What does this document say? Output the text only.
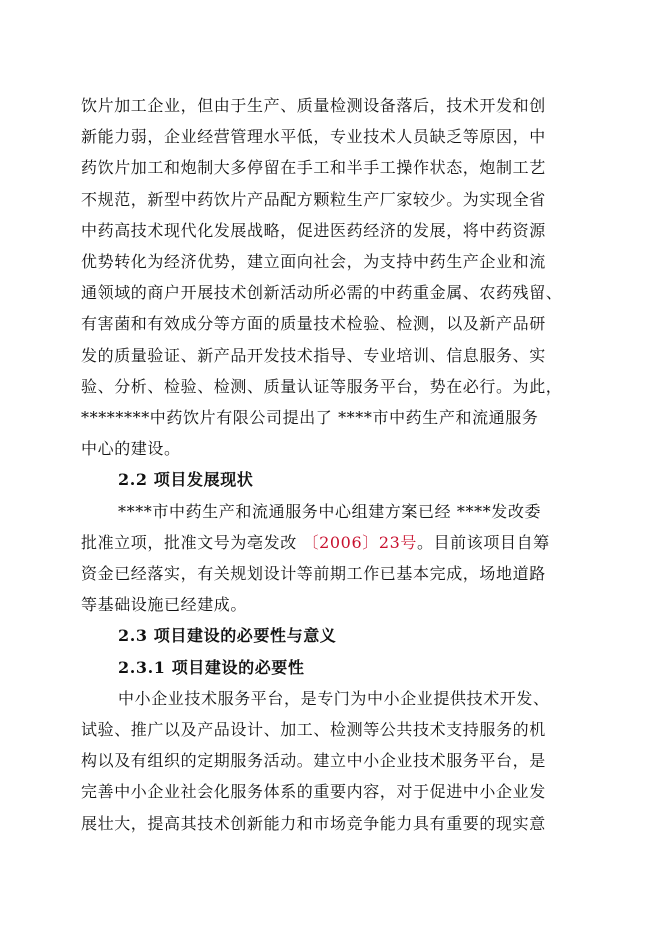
饮片加工企业，但由于生产、质量检测设备落后，技术开发和创
新能力弱，企业经营管理水平低，专业技术人员缺乏等原因，中
药饮片加工和炮制大多停留在手工和半手工操作状态，炮制工艺
不规范，新型中药饮片产品配方颗粒生产厂家较少。为实现全省
中药高技术现代化发展战略，促进医药经济的发展，将中药资源
优势转化为经济优势，建立面向社会，为支持中药生产企业和流
通领域的商户开展技术创新活动所必需的中药重金属、农药残留、
有害菌和有效成分等方面的质量技术检验、检测，以及新产品研
发的质量验证、新产品开发技术指导、专业培训、信息服务、实
验、分析、检验、检测、质量认证等服务平台，势在必行。为此，
********中药饮片有限公司提出了 ****市中药生产和流通服务
中心的建设。
2.2 项目发展现状
****市中药生产和流通服务中心组建方案已经 ****发改委
批准立项，批准文号为亳发改 〔2006〕23号。目前该项目自筹
资金已经落实，有关规划设计等前期工作已基本完成，场地道路
等基础设施已经建成。
2.3 项目建设的必要性与意义
2.3.1 项目建设的必要性
中小企业技术服务平台，是专门为中小企业提供技术开发、
试验、推广以及产品设计、加工、检测等公共技术支持服务的机
构以及有组织的定期服务活动。建立中小企业技术服务平台，是
完善中小企业社会化服务体系的重要内容，对于促进中小企业发
展壮大，提高其技术创新能力和市场竞争能力具有重要的现实意
